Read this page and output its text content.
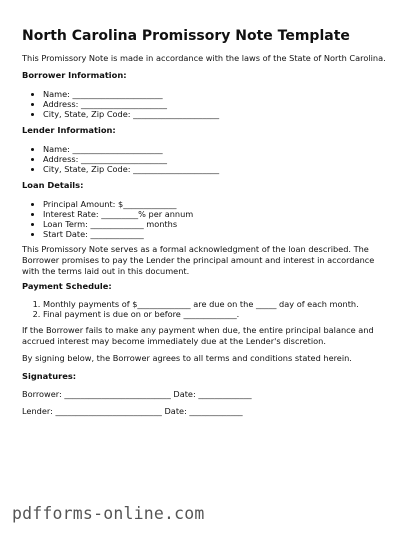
North Carolina Promissory Note Template
This Promissory Note is made in accordance with the laws of the State of North Carolina.
Borrower Information:
• Name: ______________________
• Address: _____________________
• City, State, Zip Code: _____________________
Lender Information:
• Name: ______________________
• Address: _____________________
• City, State, Zip Code: _____________________
Loan Details:
• Principal Amount: $_____________
• Interest Rate: _________% per annum
• Loan Term: _____________ months
• Start Date: _____________
This Promissory Note serves as a formal acknowledgment of the loan described. The
Borrower promises to pay the Lender the principal amount and interest in accordance
with the terms laid out in this document.
Payment Schedule:
1. Monthly payments of $_____________ are due on the _____ day of each month.
2. Final payment is due on or before _____________.
If the Borrower fails to make any payment when due, the entire principal balance and
accrued interest may become immediately due at the Lender's discretion.
By signing below, the Borrower agrees to all terms and conditions stated herein.
Signatures:
Borrower: __________________________ Date: _____________
Lender: __________________________ Date: _____________
pdfforms-online.com
